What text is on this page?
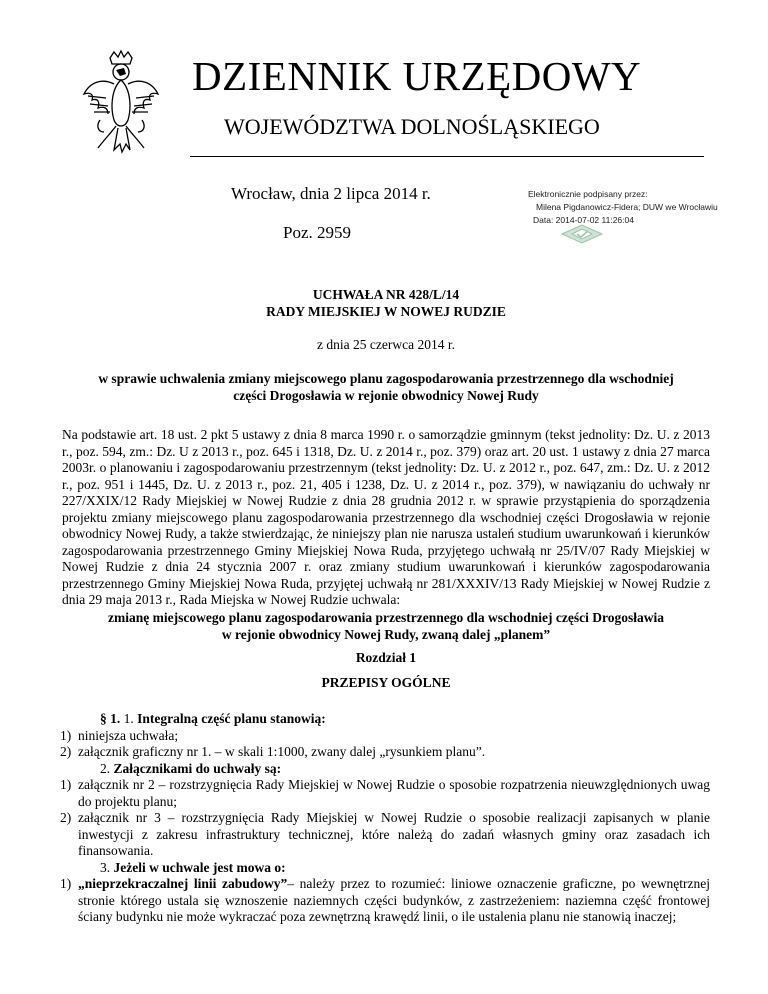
DZIENNIK URZĘDOWY
WOJEWÓDZTWA DOLNOŚLĄSKIEGO
Wrocław, dnia 2 lipca 2014 r.
Poz. 2959
Elektronicznie podpisany przez:
Milena Pigdanowicz-Fidera; DUW we Wrocławiu
Data: 2014-07-02 11:26:04
UCHWAŁA NR 428/L/14
RADY MIEJSKIEJ W NOWEJ RUDZIE
z dnia 25 czerwca 2014 r.
w sprawie uchwalenia zmiany miejscowego planu zagospodarowania przestrzennego dla wschodniej
części Drogosławia w rejonie obwodnicy Nowej Rudy
Na podstawie art. 18 ust. 2 pkt 5 ustawy z dnia 8 marca 1990 r. o samorządzie gminnym (tekst jednolity: Dz. U. z 2013 r., poz. 594, zm.: Dz. U z 2013 r., poz. 645 i 1318, Dz. U. z 2014 r., poz. 379) oraz art. 20 ust. 1 ustawy z dnia 27 marca 2003r. o planowaniu i zagospodarowaniu przestrzennym (tekst jednolity: Dz. U. z 2012 r., poz. 647, zm.: Dz. U. z 2012 r., poz. 951 i 1445, Dz. U. z 2013 r., poz. 21, 405 i 1238, Dz. U. z 2014 r., poz. 379), w nawiązaniu do uchwały nr 227/XXIX/12 Rady Miejskiej w Nowej Rudzie z dnia 28 grudnia 2012 r. w sprawie przystąpienia do sporządzenia projektu zmiany miejscowego planu zagospodarowania przestrzennego dla wschodniej części Drogosławia w rejonie obwodnicy Nowej Rudy, a także stwierdzając, że niniejszy plan nie narusza ustaleń studium uwarunkowań i kierunków zagospodarowania przestrzennego Gminy Miejskiej Nowa Ruda, przyjętego uchwałą nr 25/IV/07 Rady Miejskiej w Nowej Rudzie z dnia 24 stycznia 2007 r. oraz zmiany studium uwarunkowań i kierunków zagospodarowania przestrzennego Gminy Miejskiej Nowa Ruda, przyjętej uchwałą nr 281/XXXIV/13 Rady Miejskiej w Nowej Rudzie z dnia 29 maja 2013 r., Rada Miejska w Nowej Rudzie uchwala:
zmianę miejscowego planu zagospodarowania przestrzennego dla wschodniej części Drogosławia
w rejonie obwodnicy Nowej Rudy, zwaną dalej „planem”
Rozdział 1
PRZEPISY OGÓLNE
§ 1. 1. Integralną część planu stanowią:
1) niniejsza uchwała;
2) załącznik graficzny nr 1. – w skali 1:1000, zwany dalej „rysunkiem planu”.
2. Załącznikami do uchwały są:
1) załącznik nr 2 – rozstrzygnięcia Rady Miejskiej w Nowej Rudzie o sposobie rozpatrzenia nieuwzględnionych uwag do projektu planu;
2) załącznik nr 3 – rozstrzygnięcia Rady Miejskiej w Nowej Rudzie o sposobie realizacji zapisanych w planie inwestycji z zakresu infrastruktury technicznej, które należą do zadań własnych gminy oraz zasadach ich finansowania.
3. Jeżeli w uchwale jest mowa o:
1) „nieprzekraczalnej linii zabudowy”– należy przez to rozumieć: liniowe oznaczenie graficzne, po wewnętrznej stronie którego ustala się wznoszenie naziemnych części budynków, z zastrzeżeniem: naziemna część frontowej ściany budynku nie może wykraczać poza zewnętrzną krawędź linii, o ile ustalenia planu nie stanowią inaczej;
